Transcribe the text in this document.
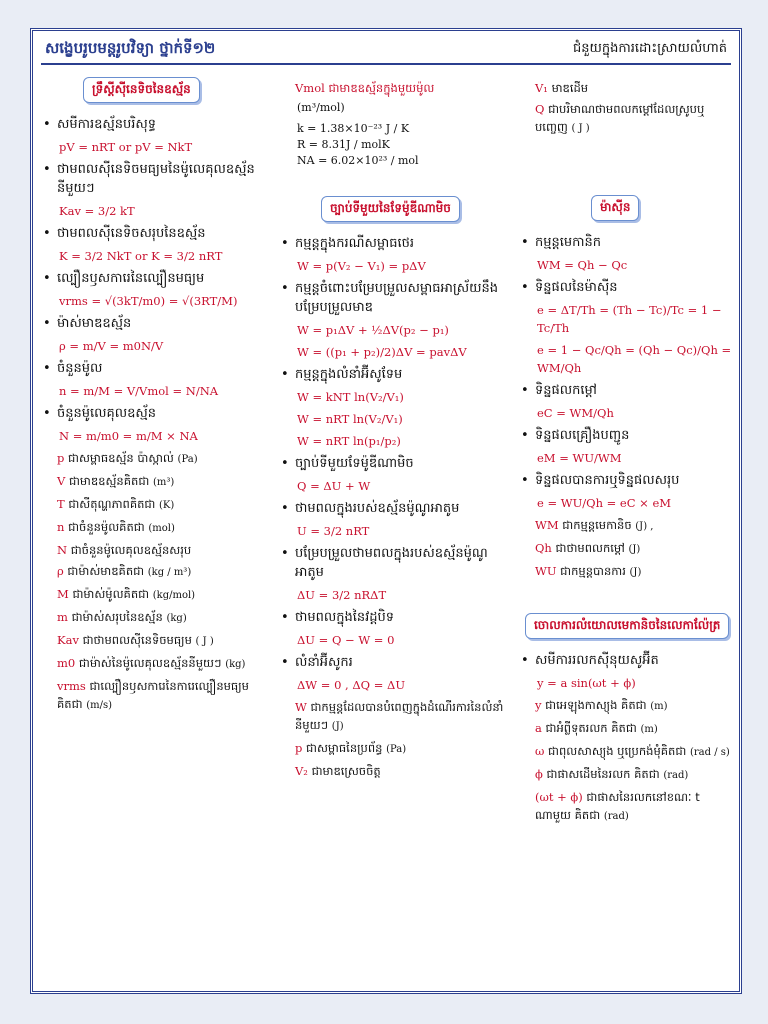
សង្ខេបរូបមន្តរូបវិទ្យា ថ្នាក់ទី១២	ជំនួយក្នុងការដោះស្រាយលំហាត់
ទ្រឹស្តីស៊ីនេទិចនៃឧស្ម័ន
• សមីការឧស្ម័នបរិសុទ្ធ
pV = nRT or pV = NkT
• ថាមពលស៊ីនេទិចមធ្យមនៃម៉ូលេគុលឧស្ម័ននីមួយៗ
Kav = 3/2 kT
• ថាមពលស៊ីនេទិចសរុបនៃឧស្ម័ន
K = 3/2 NkT or K = 3/2 nRT
• ល្បឿនឫសការេនៃល្បឿនមធ្យម
vrms = √(3kT/m0) = √(3RT/M)
• ម៉ាស់មាឌឧស្ម័ន
ρ = m/V = m0N/V
• ចំនួនម៉ូល
n = m/M = V/Vmol = N/NA
• ចំនួនម៉ូលេគុលឧស្ម័ន
N = m/m0 = m/M × NA
p ជាសម្ពាធឧស្ម័ន ប៉ាស្កាល់ (Pa)
V ជាមាឌឧស្ម័នគិតជា (m³)
T ជាសីតុណ្ហភាពគិតជា (K)
n ជាចំនួនម៉ូលគិតជា (mol)
N ជាចំនួនម៉ូលេគុលឧស្ម័នសរុប
ρ ជាម៉ាស់មាឌគិតជា (kg / m³)
M ជាម៉ាស់ម៉ូលគិតជា (kg/mol)
m ជាម៉ាស់សរុបនៃឧស្ម័ន (kg)
Kav ជាថាមពលស៊ីនេទិចមធ្យម ( J )
m0 ជាម៉ាស់នៃម៉ូលេគុលឧស្ម័ននីមួយៗ (kg)
vrms ជាល្បឿនឫសការេនៃការេល្បឿនមធ្យម គិតជា (m/s)
Vmol ជាមាឌឧស្ម័នក្នុងមួយម៉ូល
(m³/mol)
k = 1.38×10⁻²³ J / K
R = 8.31J / molK
NA = 6.02×10²³ / mol
ច្បាប់ទីមួយនៃទែម៉ូឌីណាមិច
• កម្មន្តក្នុងករណីសម្ពាធថេរ
W = p(V₂ − V₁) = pΔV
• កម្មន្តចំពោះបម្រែបម្រួលសម្ពាធអាស្រ័យនឹងបម្រែបម្រួលមាឌ
W = p₁ΔV + ½ΔV(p₂ − p₁)
W = ((p₁ + p₂)/2)ΔV = pavΔV
• កម្មន្តក្នុងលំនាំអ៊ីសូទែម
W = kNT ln(V₂/V₁)
W = nRT ln(V₂/V₁)
W = nRT ln(p₁/p₂)
• ច្បាប់ទីមួយទែម៉ូឌីណាមិច
Q = ΔU + W
• ថាមពលក្នុងរបស់ឧស្ម័នម៉ូណូអាតូម
U = 3/2 nRT
• បម្រែបម្រួលថាមពលក្នុងរបស់ឧស្ម័នម៉ូណូអាតូម
ΔU = 3/2 nRΔT
• ថាមពលក្នុងនៃវដ្តបិទ
ΔU = Q − W = 0
• លំនាំអ៊ីសូករ
ΔW = 0 , ΔQ = ΔU
W ជាកម្មន្តដែលបានបំពេញក្នុងដំណើរការនៃលំនាំនីមួយៗ (J)
p ជាសម្ពាធនៃប្រព័ន្ធ (Pa)
V₂ ជាមាឌស្រេចចិត្ត
V₁ មាឌដើម
Q ជាបរិមាណថាមពលកម្ដៅដែលស្រូបឬបញ្ចេញ ( J )
ម៉ាស៊ីន
• កម្មន្តមេកានិក
WM = Qh − Qc
• ទិន្នផលនៃម៉ាស៊ីន
e = ΔT/Th = (Th − Tc)/Tc = 1 − Tc/Th
e = 1 − Qc/Qh = (Qh − Qc)/Qh = WM/Qh
• ទិន្នផលកម្ដៅ
eC = WM/Qh
• ទិន្នផលគ្រឿងបញ្ជូន
eM = WU/WM
• ទិន្នផលបានការឬទិន្នផលសរុប
e = WU/Qh = eC × eM
WM ជាកម្មន្តមេកានិច (J) ,
Qh ជាថាមពលកម្ដៅ (J)
WU ជាកម្មន្តបានការ (J)
ចោលការលំយោលមេកានិចនៃលេកាល៉ែត្រ
• សមីការរលកស៊ីនុយសូអ៊ីត
y = a sin(ωt + ϕ)
y ជាអេឡុងកាស្យុង គិតជា (m)
a ជាអំព្លីទុតរលក គិតជា (m)
ω ជាពុលសាស្យុង ឬប្រេកង់មុំគិតជា (rad / s)
ϕ ជាផាសដើមនៃរលក គិតជា (rad)
(ωt + ϕ) ជាផាសនៃរលកនៅខណៈ t ណាមួយ គិតជា (rad)
